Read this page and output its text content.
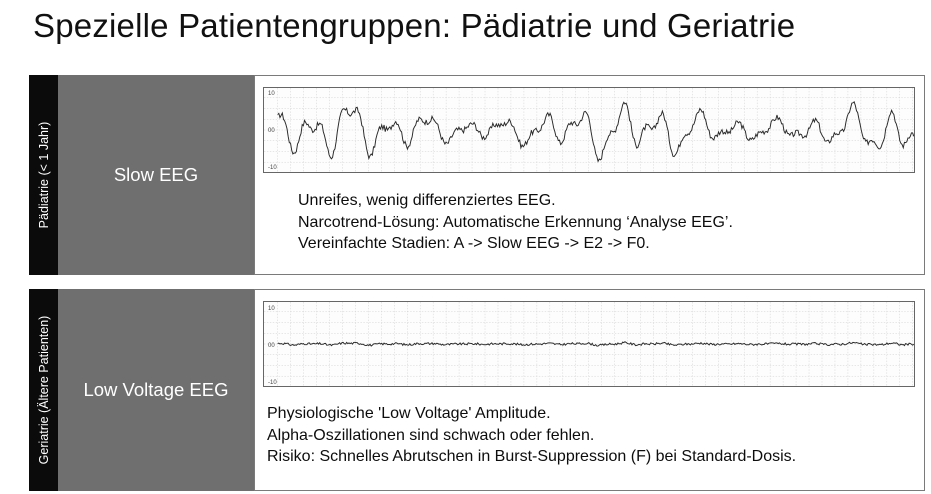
Spezielle Patientengruppen: Pädiatrie und Geriatrie
Pädiatrie (< 1 Jahr)	Slow EEG
10
00
-10
Unreifes, wenig differenziertes EEG.
Narcotrend-Lösung: Automatische Erkennung ‘Analyse EEG’.
Vereinfachte Stadien: A -> Slow EEG -> E2 -> F0.
Geriatrie (Ältere Patienten) Low Voltage EEG
10
00
-10
Physiologische 'Low Voltage' Amplitude.
Alpha-Oszillationen sind schwach oder fehlen.
Risiko: Schnelles Abrutschen in Burst-Suppression (F) bei Standard-Dosis.
